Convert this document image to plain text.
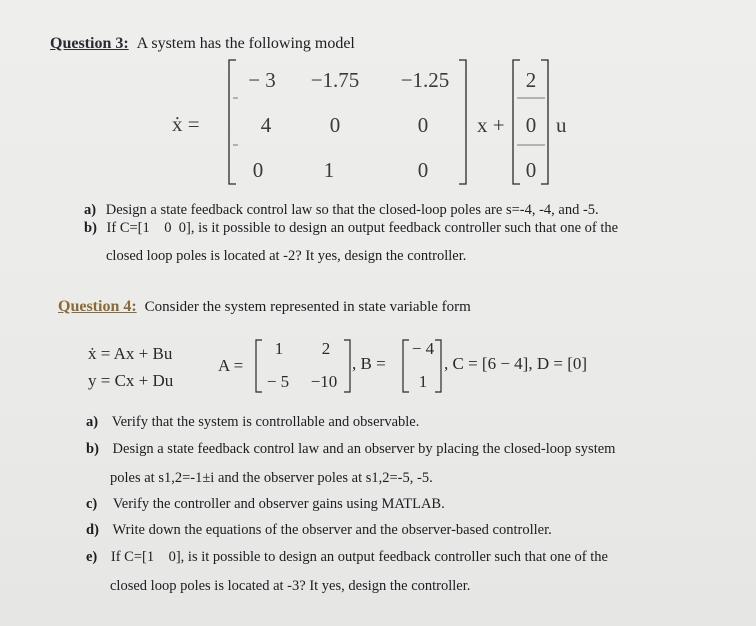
Question 3: A system has the following model
ẋ =
− 3	−1.75	−1.25
4	0	0
0	1	0
x +
2
0
0
u
a) Design a state feedback control law so that the closed-loop poles are s=-4, -4, and -5.
b) If C=[1    0  0], is it possible to design an output feedback controller such that one of the
closed loop poles is located at -2? It yes, design the controller.
Question 4: Consider the system represented in state variable form
ẋ = Ax + Bu
y = Cx + Du
A =
1	2
− 5	−10
, B =
− 4
1
, C = [6 − 4], D = [0]
a) Verify that the system is controllable and observable.
b) Design a state feedback control law and an observer by placing the closed-loop system
poles at s1,2=-1±i and the observer poles at s1,2=-5, -5.
c) Verify the controller and observer gains using MATLAB.
d) Write down the equations of the observer and the observer-based controller.
e) If C=[1    0], is it possible to design an output feedback controller such that one of the
closed loop poles is located at -3? It yes, design the controller.
